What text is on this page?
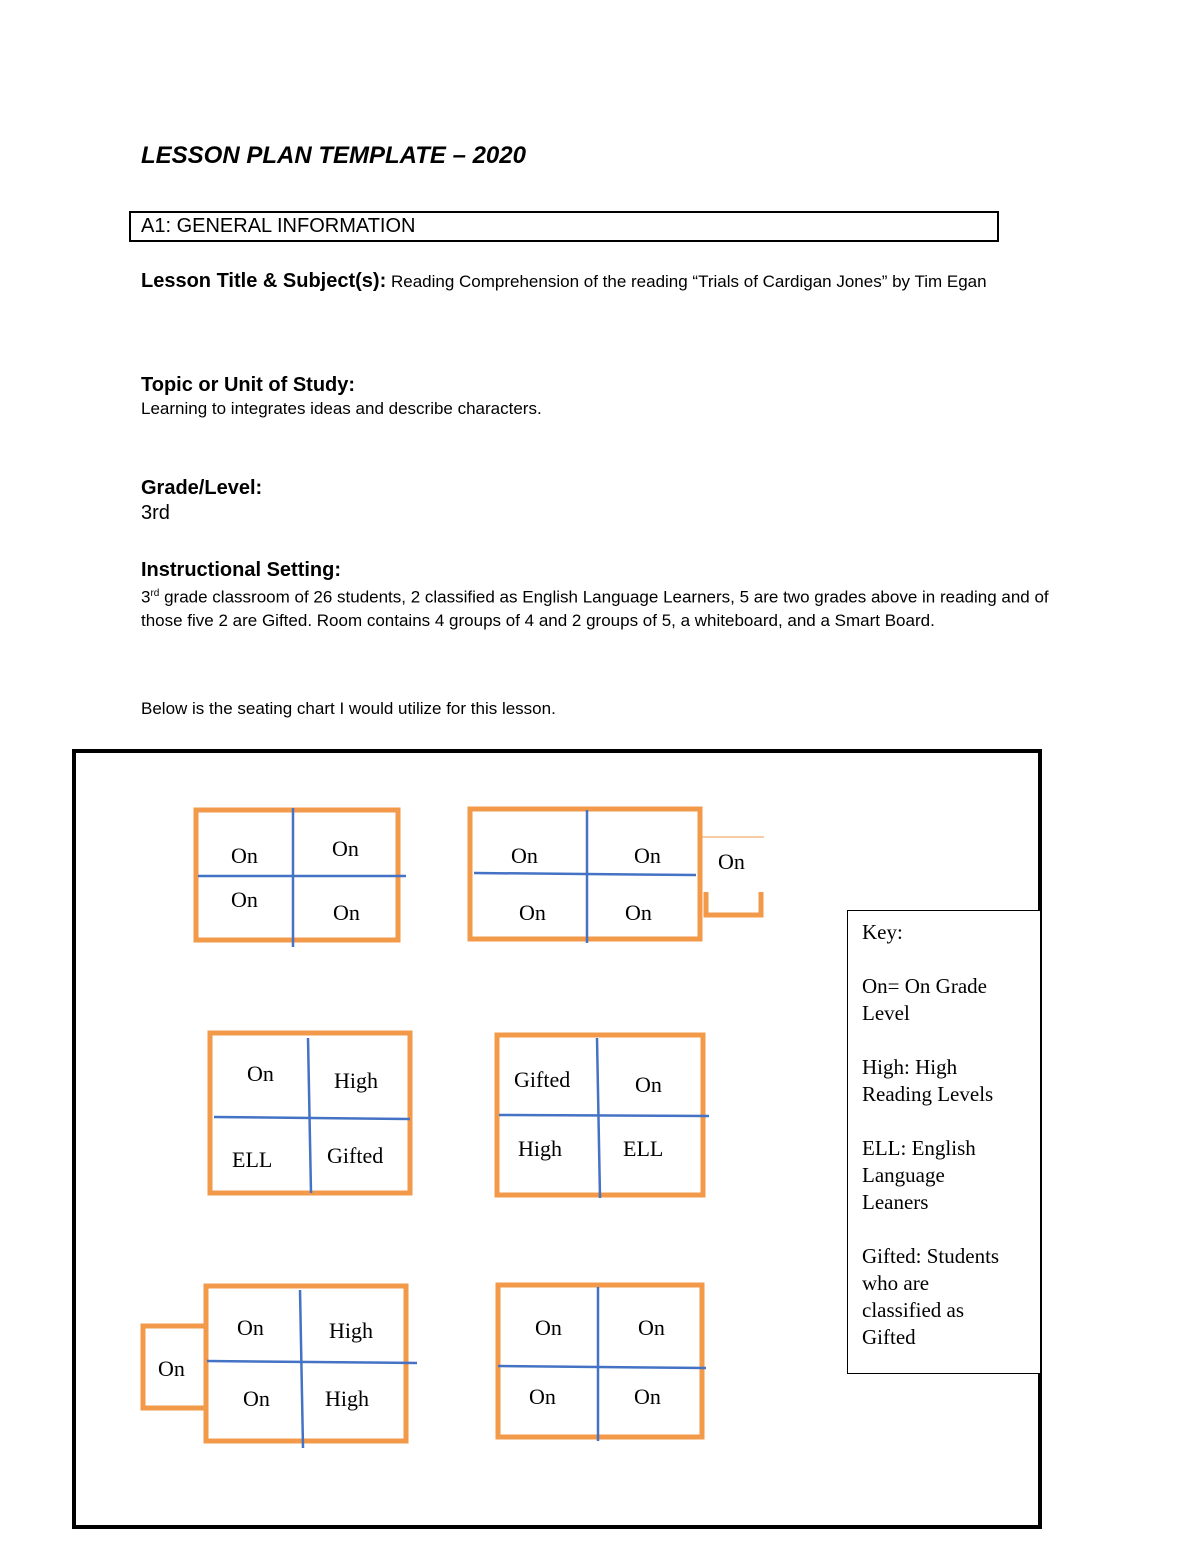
LESSON PLAN TEMPLATE – 2020
A1: GENERAL INFORMATION
Lesson Title & Subject(s): Reading Comprehension of the reading “Trials of Cardigan Jones” by Tim Egan
Topic or Unit of Study:
Learning to integrates ideas and describe characters.
Grade/Level:
3rd
Instructional Setting:
3rd grade classroom of 26 students, 2 classified as English Language Learners, 5 are two grades above in reading and of those five 2 are Gifted. Room contains 4 groups of 4 and 2 groups of 5, a whiteboard, and a Smart Board.
Below is the seating chart I would utilize for this lesson.
On	On
On
On
On	On
On	On
On
On	High
ELL Gifted
Gifted	On
High	ELL
On	High
On	High
On
On	On
On	On
Key:
On= On Grade
Level
High: High
Reading Levels
ELL: English
Language
Leaners
Gifted: Students
who are
classified as
Gifted
